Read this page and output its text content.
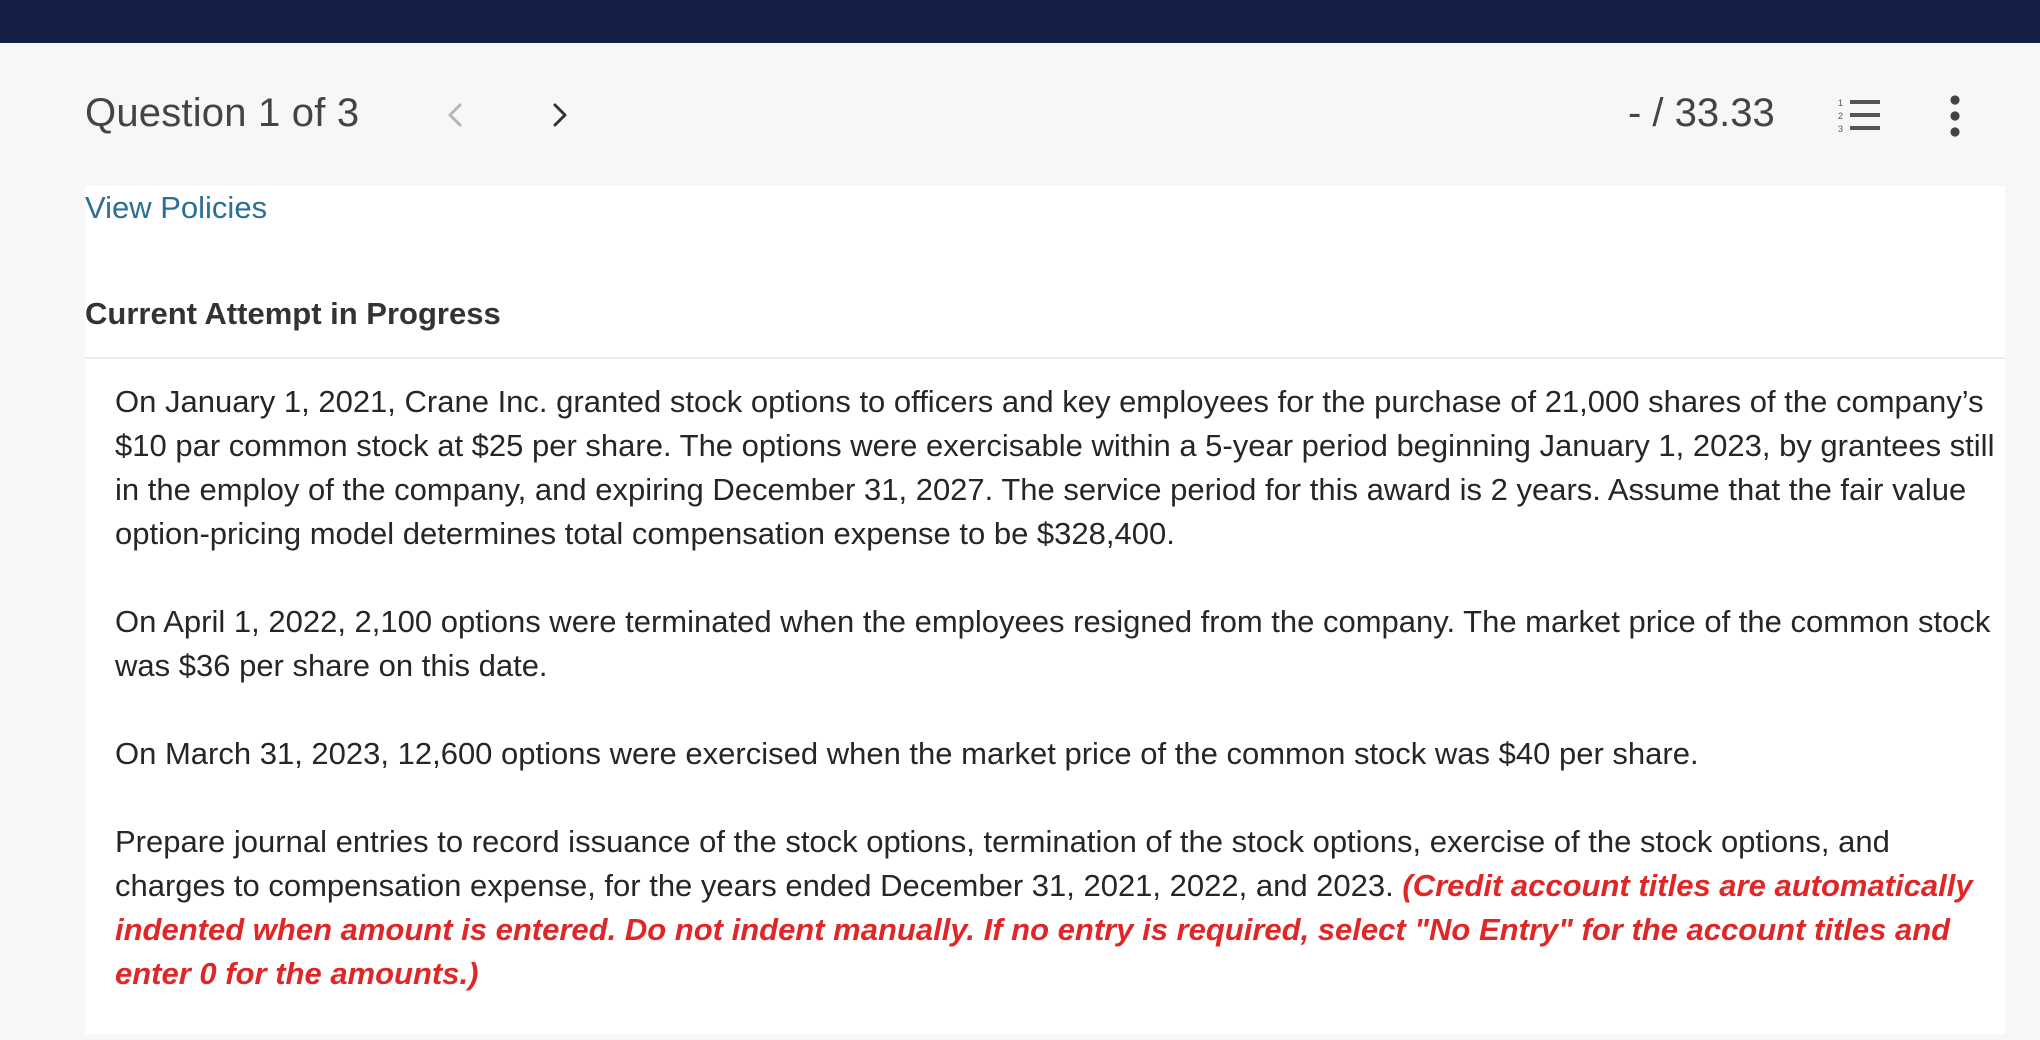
Question 1 of 3	- / 33.33	1
2
3
View Policies
Current Attempt in Progress

On January 1, 2021, Crane Inc. granted stock options to officers and key employees for the purchase of 21,000 shares of the company’s $10 par common stock at $25 per share. The options were exercisable within a 5-year period beginning January 1, 2023, by grantees still in the employ of the company, and expiring December 31, 2027. The service period for this award is 2 years. Assume that the fair value option-pricing model determines total compensation expense to be $328,400.

On April 1, 2022, 2,100 options were terminated when the employees resigned from the company. The market price of the common stock was $36 per share on this date.

On March 31, 2023, 12,600 options were exercised when the market price of the common stock was $40 per share.

Prepare journal entries to record issuance of the stock options, termination of the stock options, exercise of the stock options, and charges to compensation expense, for the years ended December 31, 2021, 2022, and 2023. (Credit account titles are automatically indented when amount is entered. Do not indent manually. If no entry is required, select "No Entry" for the account titles and enter 0 for the amounts.)
